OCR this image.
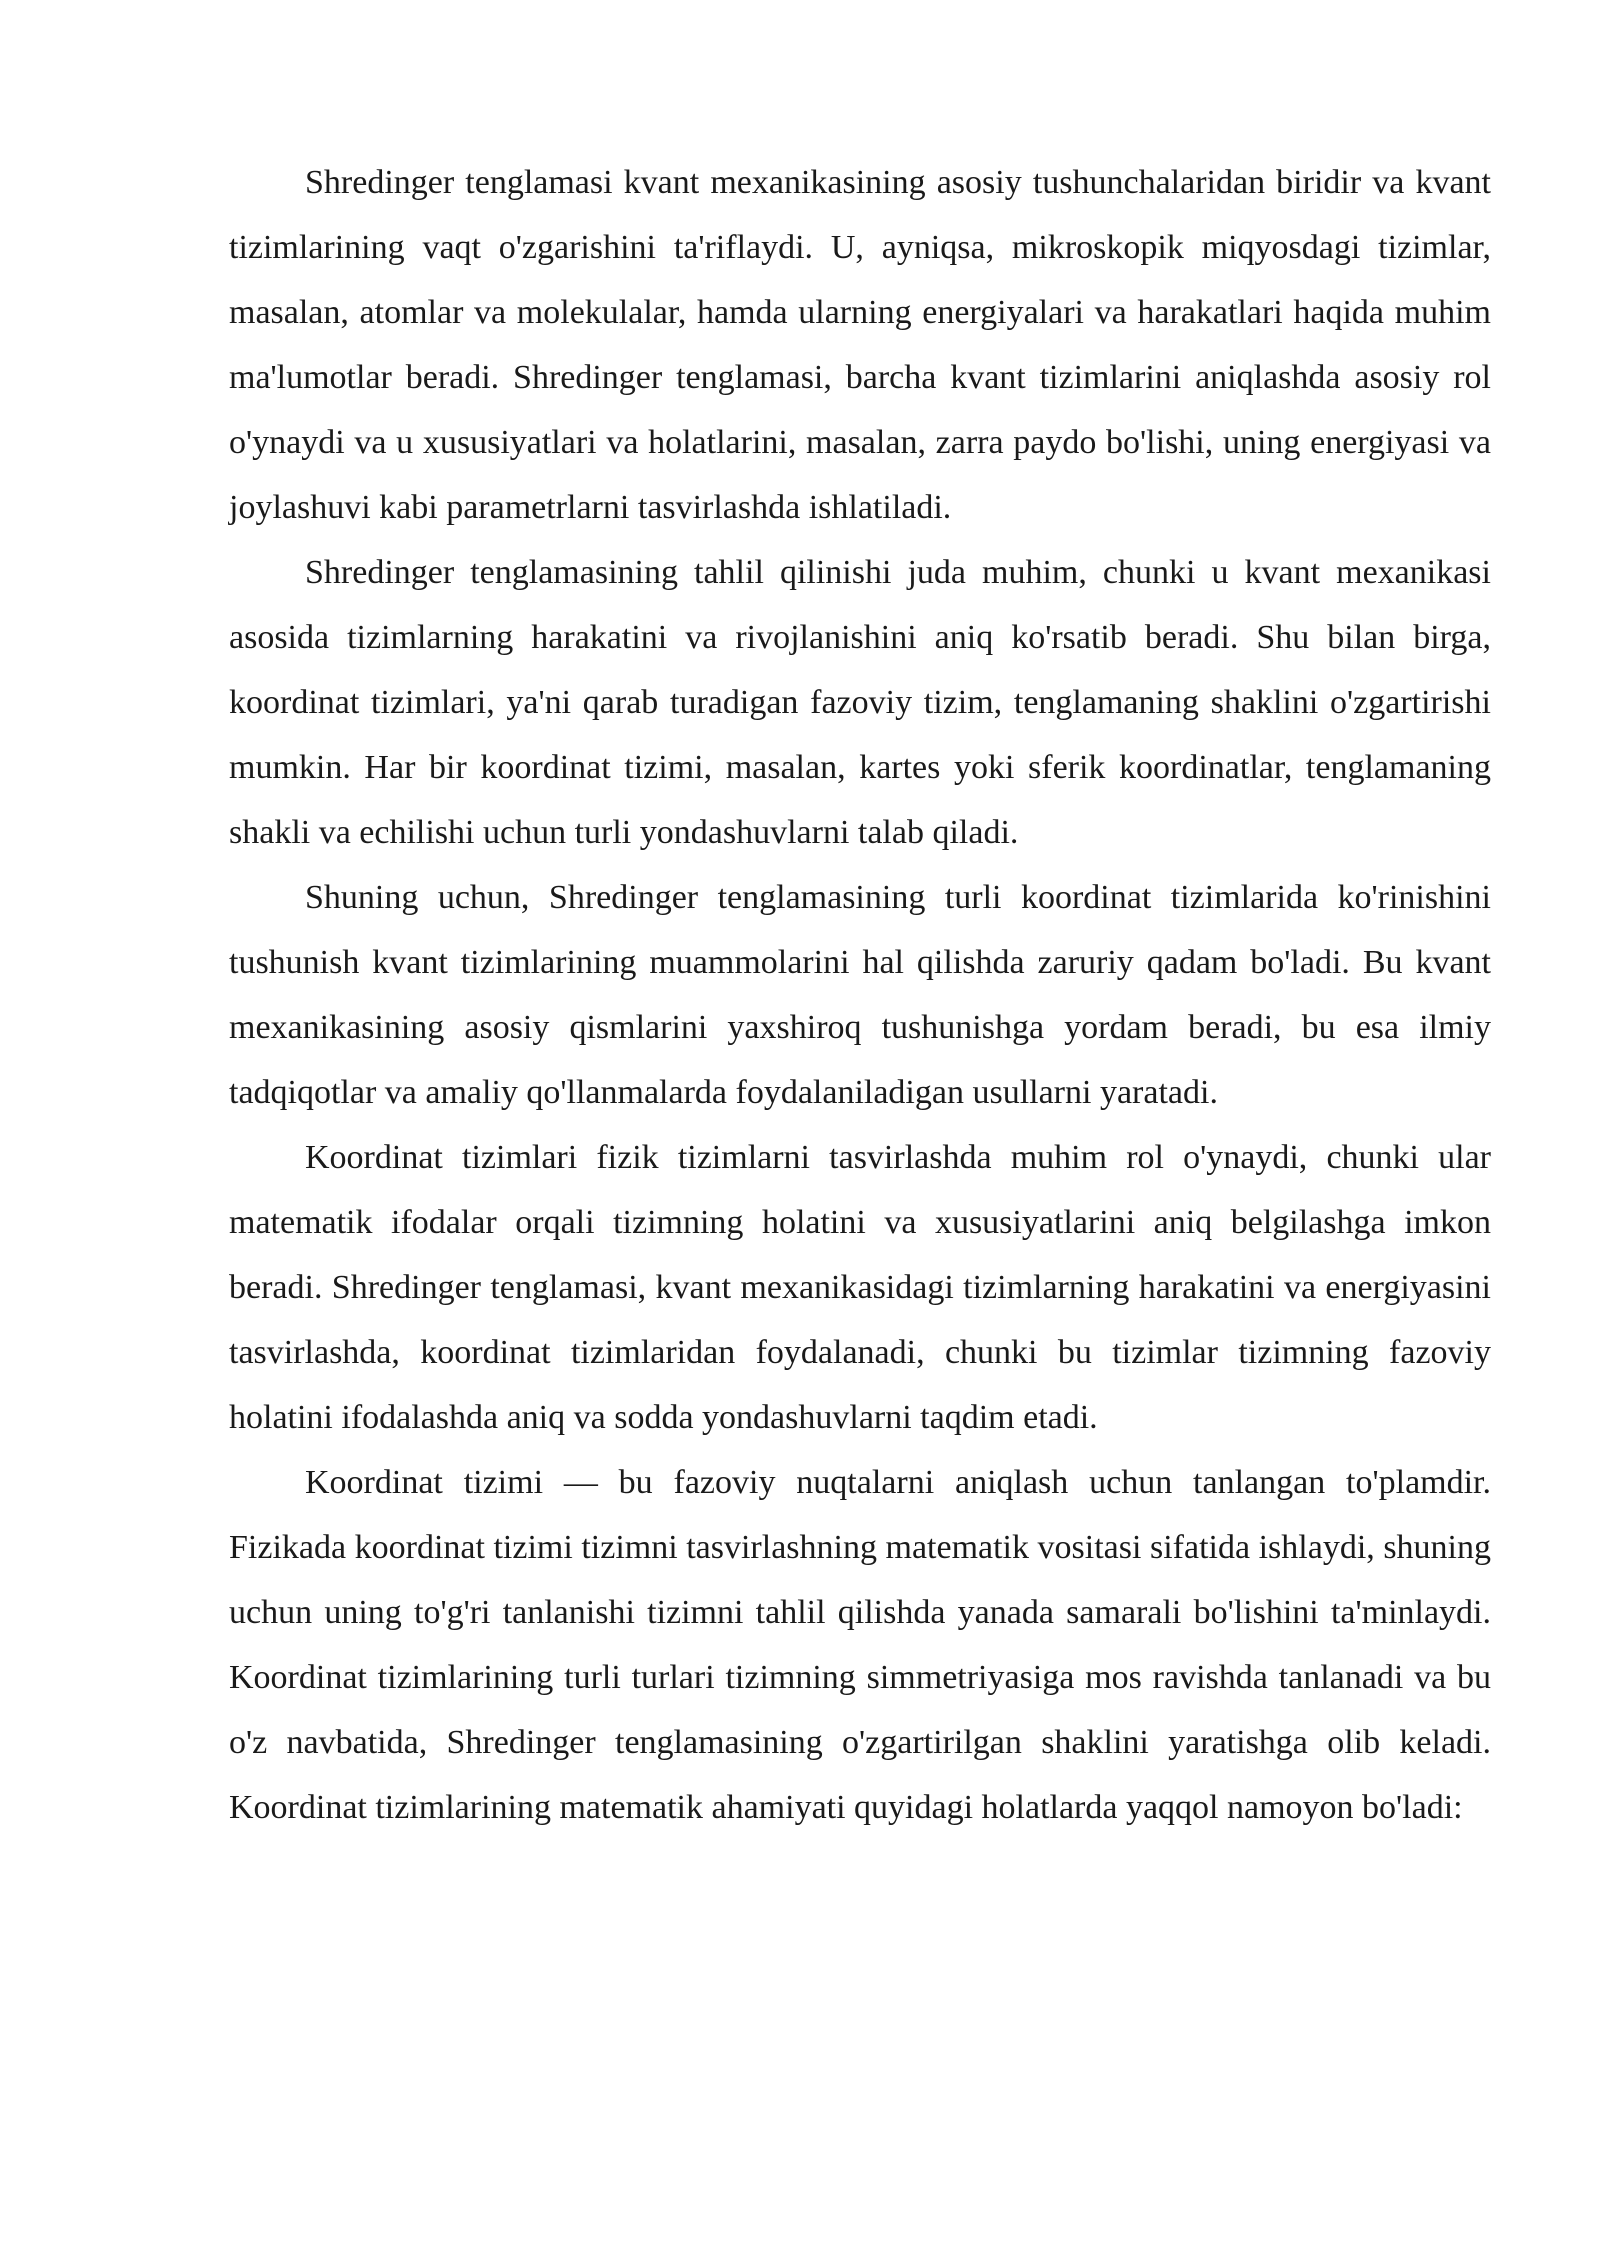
Shredinger tenglamasi kvant mexanikasining asosiy tushunchalaridan biridir va kvant tizimlarining vaqt o'zgarishini ta'riflaydi. U, ayniqsa, mikroskopik miqyosdagi tizimlar, masalan, atomlar va molekulalar, hamda ularning energiyalari va harakatlari haqida muhim ma'lumotlar beradi. Shredinger tenglamasi, barcha kvant tizimlarini aniqlashda asosiy rol o'ynaydi va u xususiyatlari va holatlarini, masalan, zarra paydo bo'lishi, uning energiyasi va joylashuvi kabi parametrlarni tasvirlashda ishlatiladi.

Shredinger tenglamasining tahlil qilinishi juda muhim, chunki u kvant mexanikasi asosida tizimlarning harakatini va rivojlanishini aniq ko'rsatib beradi. Shu bilan birga, koordinat tizimlari, ya'ni qarab turadigan fazoviy tizim, tenglamaning shaklini o'zgartirishi mumkin. Har bir koordinat tizimi, masalan, kartes yoki sferik koordinatlar, tenglamaning shakli va echilishi uchun turli yondashuvlarni talab qiladi.

Shuning uchun, Shredinger tenglamasining turli koordinat tizimlarida ko'rinishini tushunish kvant tizimlarining muammolarini hal qilishda zaruriy qadam bo'ladi. Bu kvant mexanikasining asosiy qismlarini yaxshiroq tushunishga yordam beradi, bu esa ilmiy tadqiqotlar va amaliy qo'llanmalarda foydalaniladigan usullarni yaratadi.

Koordinat tizimlari fizik tizimlarni tasvirlashda muhim rol o'ynaydi, chunki ular matematik ifodalar orqali tizimning holatini va xususiyatlarini aniq belgilashga imkon beradi. Shredinger tenglamasi, kvant mexanikasidagi tizimlarning harakatini va energiyasini tasvirlashda, koordinat tizimlaridan foydalanadi, chunki bu tizimlar tizimning fazoviy holatini ifodalashda aniq va sodda yondashuvlarni taqdim etadi.

Koordinat tizimi — bu fazoviy nuqtalarni aniqlash uchun tanlangan to'plamdir. Fizikada koordinat tizimi tizimni tasvirlashning matematik vositasi sifatida ishlaydi, shuning uchun uning to'g'ri tanlanishi tizimni tahlil qilishda yanada samarali bo'lishini ta'minlaydi. Koordinat tizimlarining turli turlari tizimning simmetriyasiga mos ravishda tanlanadi va bu o'z navbatida, Shredinger tenglamasining o'zgartirilgan shaklini yaratishga olib keladi. Koordinat tizimlarining matematik ahamiyati quyidagi holatlarda yaqqol namoyon bo'ladi:
